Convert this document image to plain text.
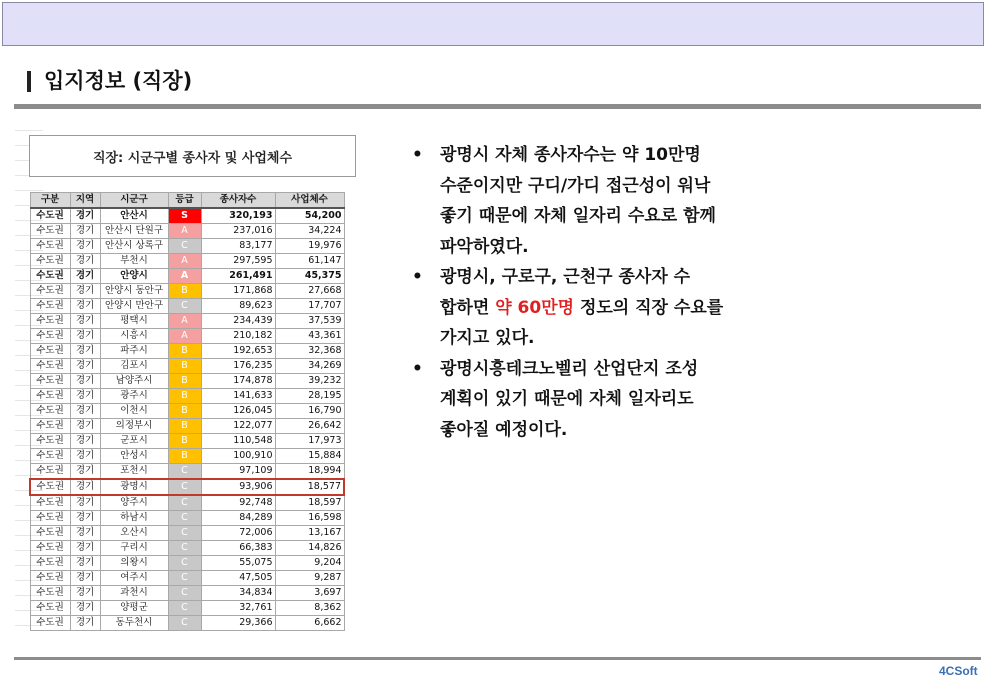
입지정보 (직장)
직장: 시군구별 종사자 및 사업체수
구분	지역	시군구	등급	종사자수	사업체수
수도권	경기	안산시	S	320,193	54,200
수도권	경기	안산시 단원구	A	237,016	34,224
수도권	경기	안산시 상록구	C	83,177	19,976
수도권	경기	부천시	A	297,595	61,147
수도권	경기	안양시	A	261,491	45,375
수도권	경기	안양시 동안구	B	171,868	27,668
수도권	경기	안양시 만안구	C	89,623	17,707
수도권	경기	평택시	A	234,439	37,539
수도권	경기	시흥시	A	210,182	43,361
수도권	경기	파주시	B	192,653	32,368
수도권	경기	김포시	B	176,235	34,269
수도권	경기	남양주시	B	174,878	39,232
수도권	경기	광주시	B	141,633	28,195
수도권	경기	이천시	B	126,045	16,790
수도권	경기	의정부시	B	122,077	26,642
수도권	경기	군포시	B	110,548	17,973
수도권	경기	안성시	B	100,910	15,884
수도권	경기	포천시	C	97,109	18,994
수도권	경기	광명시	C	93,906	18,577
수도권	경기	양주시	C	92,748	18,597
수도권	경기	하남시	C	84,289	16,598
수도권	경기	오산시	C	72,006	13,167
수도권	경기	구리시	C	66,383	14,826
수도권	경기	의왕시	C	55,075	9,204
수도권	경기	여주시	C	47,505	9,287
수도권	경기	과천시	C	34,834	3,697
수도권	경기	양평군	C	32,761	8,362
수도권	경기	동두천시	C	29,366	6,662
• 광명시 자체 종사자수는 약 10만명
수준이지만 구디/가디 접근성이 워낙
좋기 때문에 자체 일자리 수요로 함께
파악하였다.
• 광명시, 구로구, 근천구 종사자 수
합하면 약 60만명 정도의 직장 수요를
가지고 있다.
• 광명시흥테크노벨리 산업단지 조성
계획이 있기 때문에 자체 일자리도
좋아질 예정이다.
4CSoft
